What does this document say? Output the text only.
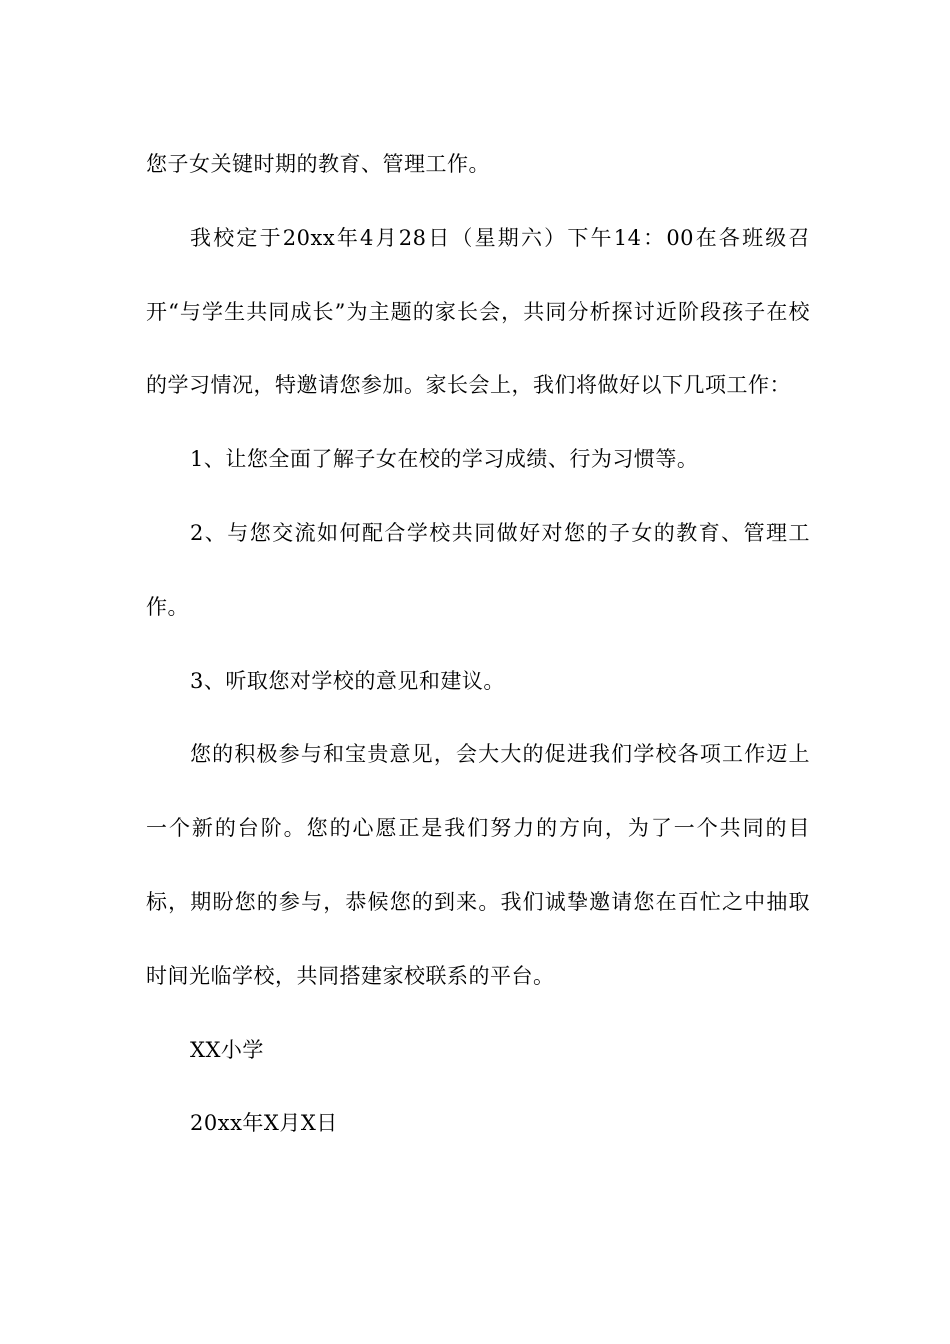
您子女关键时期的教育、管理工作。

我校定于20xx年4月28日（星期六）下午14：00在各班级召开“与学生共同成长”为主题的家长会，共同分析探讨近阶段孩子在校的学习情况，特邀请您参加。家长会上，我们将做好以下几项工作：

1、让您全面了解子女在校的学习成绩、行为习惯等。

2、与您交流如何配合学校共同做好对您的子女的教育、管理工作。

3、听取您对学校的意见和建议。

您的积极参与和宝贵意见，会大大的促进我们学校各项工作迈上一个新的台阶。您的心愿正是我们努力的方向，为了一个共同的目标，期盼您的参与，恭候您的到来。我们诚挚邀请您在百忙之中抽取时间光临学校，共同搭建家校联系的平台。

XX小学

20xx年X月X日
